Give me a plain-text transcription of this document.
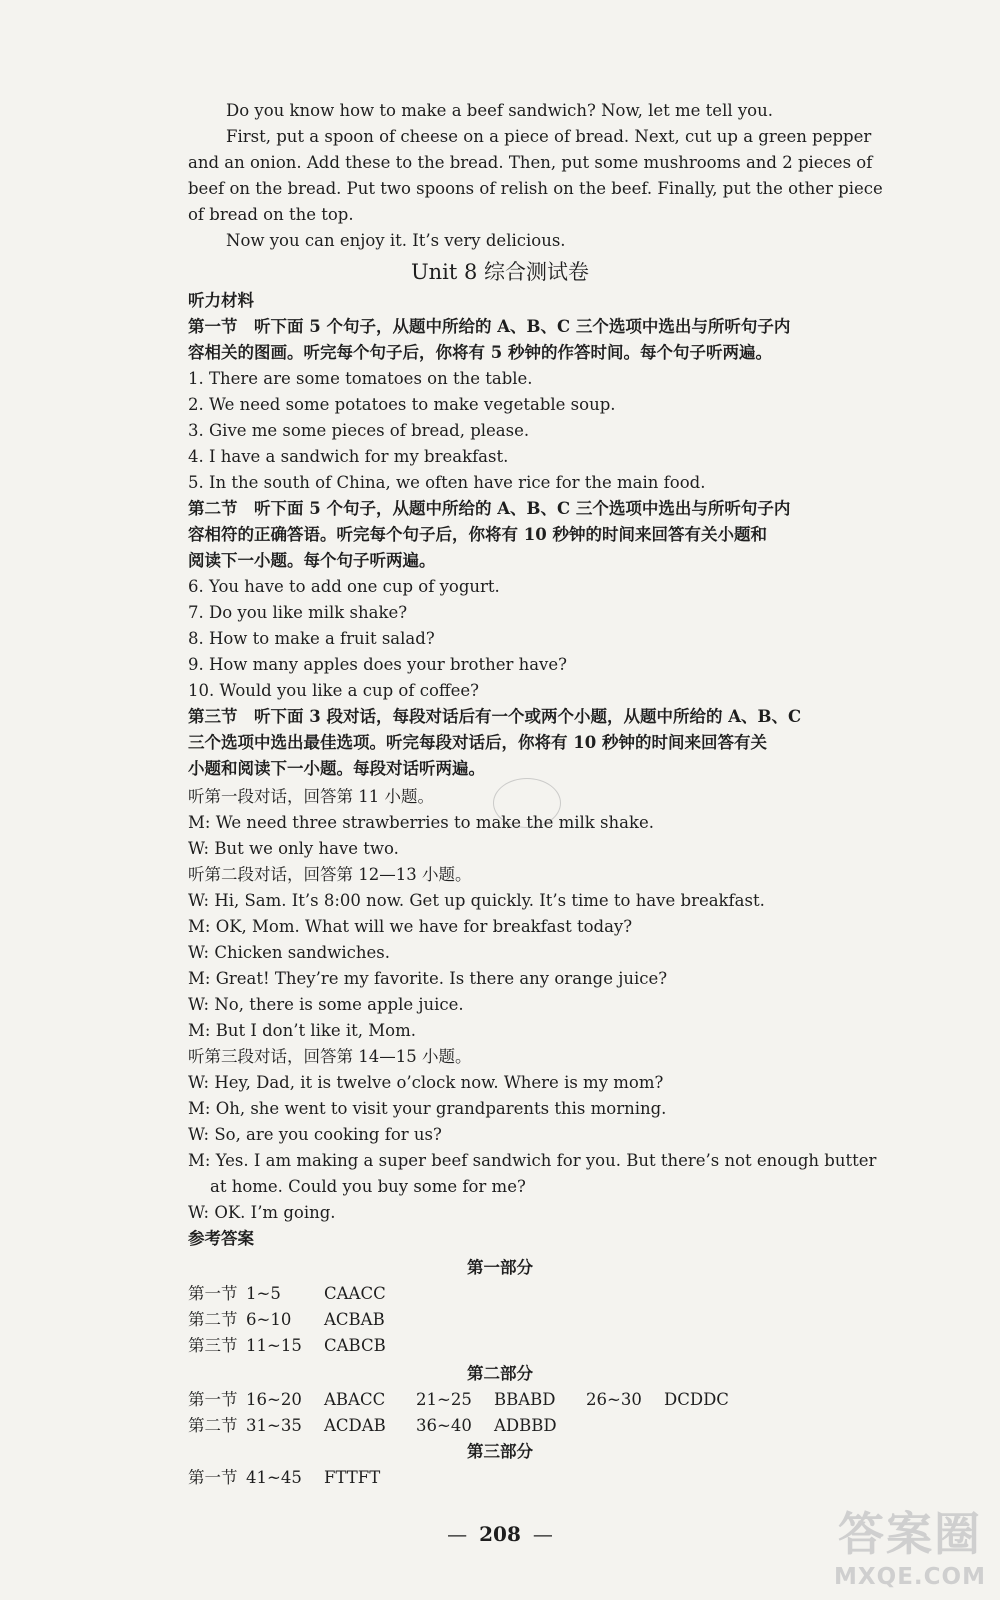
Do you know how to make a beef sandwich? Now, let me tell you.
First, put a spoon of cheese on a piece of bread. Next, cut up a green pepper
and an onion. Add these to the bread. Then, put some mushrooms and 2 pieces of
beef on the bread. Put two spoons of relish on the beef. Finally, put the other piece
of bread on the top.
Now you can enjoy it. It’s very delicious.
Unit 8 综合测试卷
听力材料
第一节　听下面 5 个句子，从题中所给的 A、B、C 三个选项中选出与所听句子内
容相关的图画。听完每个句子后，你将有 5 秒钟的作答时间。每个句子听两遍。
1. There are some tomatoes on the table.
2. We need some potatoes to make vegetable soup.
3. Give me some pieces of bread, please.
4. I have a sandwich for my breakfast.
5. In the south of China, we often have rice for the main food.
第二节　听下面 5 个句子，从题中所给的 A、B、C 三个选项中选出与所听句子内
容相符的正确答语。听完每个句子后，你将有 10 秒钟的时间来回答有关小题和
阅读下一小题。每个句子听两遍。
6. You have to add one cup of yogurt.
7. Do you like milk shake?
8. How to make a fruit salad?
9. How many apples does your brother have?
10. Would you like a cup of coffee?
第三节　听下面 3 段对话，每段对话后有一个或两个小题，从题中所给的 A、B、C
三个选项中选出最佳选项。听完每段对话后，你将有 10 秒钟的时间来回答有关
小题和阅读下一小题。每段对话听两遍。
听第一段对话，回答第 11 小题。
M: We need three strawberries to make the milk shake.
W: But we only have two.
听第二段对话，回答第 12—13 小题。
W: Hi, Sam. It’s 8:00 now. Get up quickly. It’s time to have breakfast.
M: OK, Mom. What will we have for breakfast today?
W: Chicken sandwiches.
M: Great! They’re my favorite. Is there any orange juice?
W: No, there is some apple juice.
M: But I don’t like it, Mom.
听第三段对话，回答第 14—15 小题。
W: Hey, Dad, it is twelve o’clock now. Where is my mom?
M: Oh, she went to visit your grandparents this morning.
W: So, are you cooking for us?
M: Yes. I am making a super beef sandwich for you. But there’s not enough butter
at home. Could you buy some for me?
W: OK. I’m going.
参考答案
第一部分
第一节 1~5	CAACC
第二节 6~10 ACBAB
第三节 11~15 CABCB
第二部分
第一节 16~20 ABACC 21~25 BBABD 26~30 DCDDC
第二节 31~35 ACDAB 36~40 ADBBD
第三部分
第一节 41~45 FTTFT
— 208 —	答案圈
MXQE.COM
